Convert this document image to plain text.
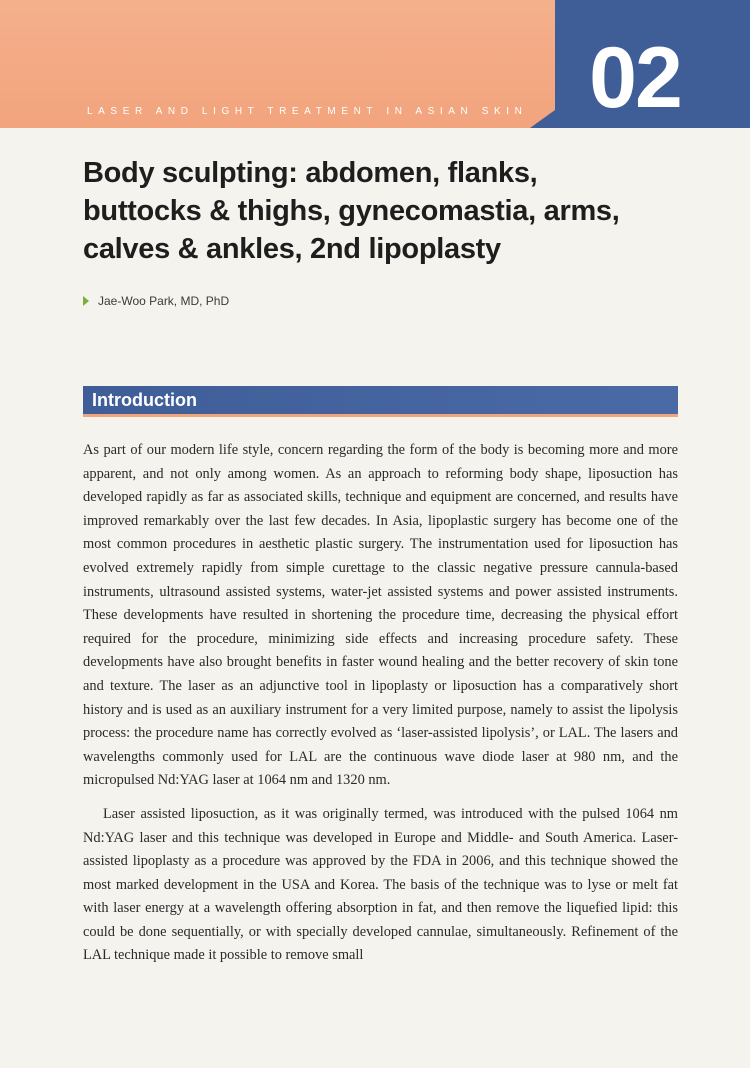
02
LASER AND LIGHT TREATMENT IN ASIAN SKIN
Body sculpting: abdomen, flanks, buttocks & thighs, gynecomastia, arms, calves & ankles, 2nd lipoplasty
Jae-Woo Park, MD, PhD
Introduction

As part of our modern life style, concern regarding the form of the body is becoming more and more apparent, and not only among women. As an approach to reforming body shape, liposuction has developed rapidly as far as associated skills, technique and equipment are concerned, and results have improved remarkably over the last few decades. In Asia, lipoplastic surgery has become one of the most common procedures in aesthetic plastic surgery. The instrumentation used for liposuction has evolved extremely rapidly from simple curettage to the classic negative pressure cannula-based instruments, ultrasound assisted systems, water-jet assisted systems and power assisted instruments. These developments have resulted in shortening the procedure time, decreasing the physical effort required for the procedure, minimizing side effects and increasing procedure safety. These developments have also brought benefits in faster wound healing and the better recovery of skin tone and texture. The laser as an adjunctive tool in lipoplasty or liposuction has a comparatively short history and is used as an auxiliary instrument for a very limited purpose, namely to assist the lipolysis process: the procedure name has correctly evolved as ‘laser-assisted lipolysis’, or LAL. The lasers and wavelengths commonly used for LAL are the continuous wave diode laser at 980 nm, and the micropulsed Nd:YAG laser at 1064 nm and 1320 nm.

Laser assisted liposuction, as it was originally termed, was introduced with the pulsed 1064 nm Nd:YAG laser and this technique was developed in Europe and Middle- and South America. Laser-assisted lipoplasty as a procedure was approved by the FDA in 2006, and this technique showed the most marked development in the USA and Korea. The basis of the technique was to lyse or melt fat with laser energy at a wavelength offering absorption in fat, and then remove the liquefied lipid: this could be done sequentially, or with specially developed cannulae, simultaneously. Refinement of the LAL technique made it possible to remove small
